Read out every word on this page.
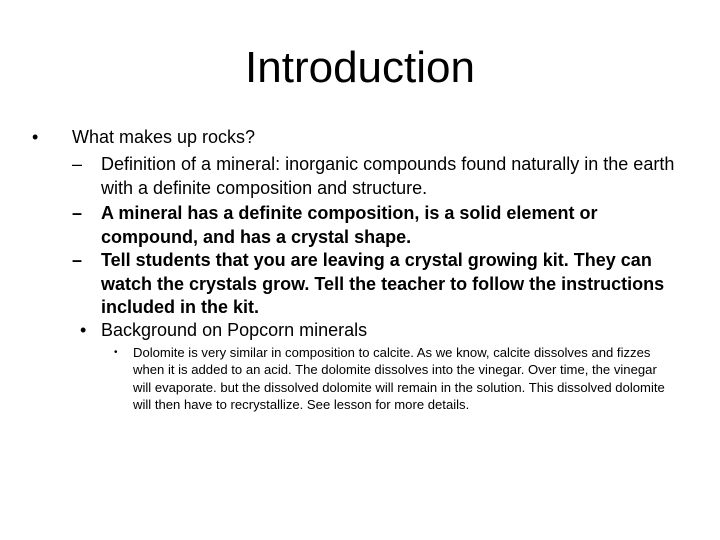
Introduction
• What makes up rocks?
– Definition of a mineral: inorganic compounds found naturally in the earth with a definite composition and structure.
– A mineral has a definite composition, is a solid element or compound, and has a crystal shape.
– Tell students that you are leaving a crystal growing kit. They can watch the crystals grow. Tell the teacher to follow the instructions included in the kit.
• Background on Popcorn minerals
• Dolomite is very similar in composition to calcite. As we know, calcite dissolves and fizzes when it is added to an acid. The dolomite dissolves into the vinegar. Over time, the vinegar will evaporate. but the dissolved dolomite will remain in the solution. This dissolved dolomite will then have to recrystallize. See lesson for more details.
